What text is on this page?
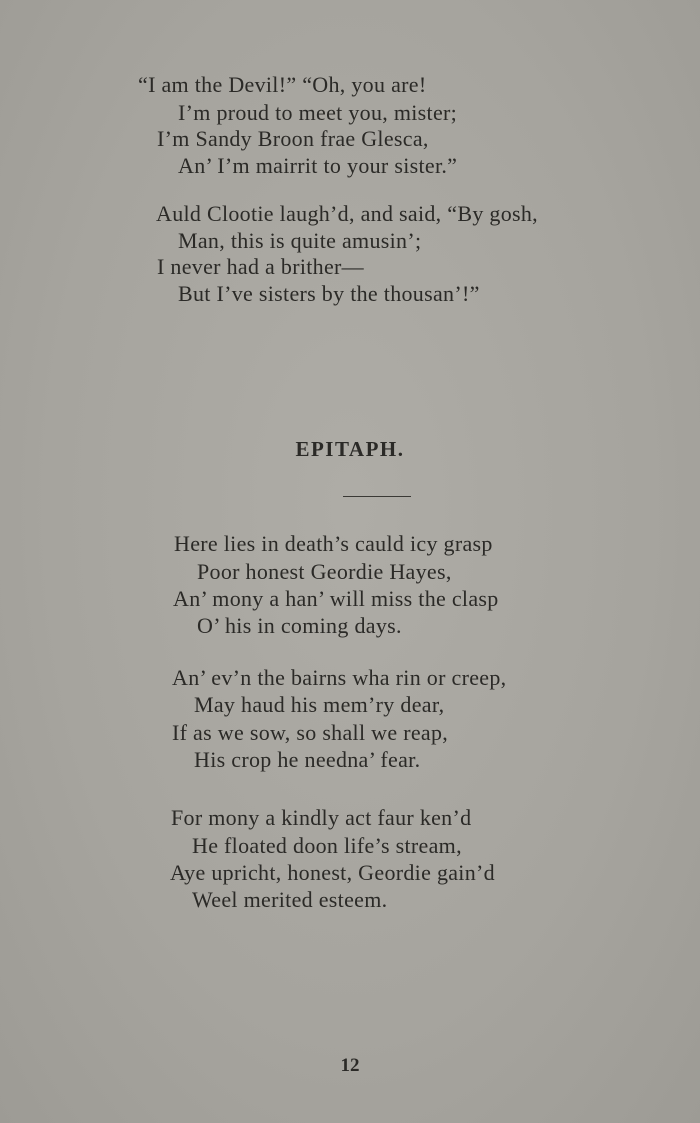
“I am the Devil!” “Oh, you are!
I’m proud to meet you, mister;
I’m Sandy Broon frae Glesca,
An’ I’m mairrit to your sister.”
Auld Clootie laugh’d, and said, “By gosh,
Man, this is quite amusin’;
I never had a brither—
But I’ve sisters by the thousan’!”
EPITAPH.
Here lies in death’s cauld icy grasp
Poor honest Geordie Hayes,
An’ mony a han’ will miss the clasp
O’ his in coming days.
An’ ev’n the bairns wha rin or creep,
May haud his mem’ry dear,
If as we sow, so shall we reap,
His crop he needna’ fear.
For mony a kindly act faur ken’d
He floated doon life’s stream,
Aye upricht, honest, Geordie gain’d
Weel merited esteem.
12
